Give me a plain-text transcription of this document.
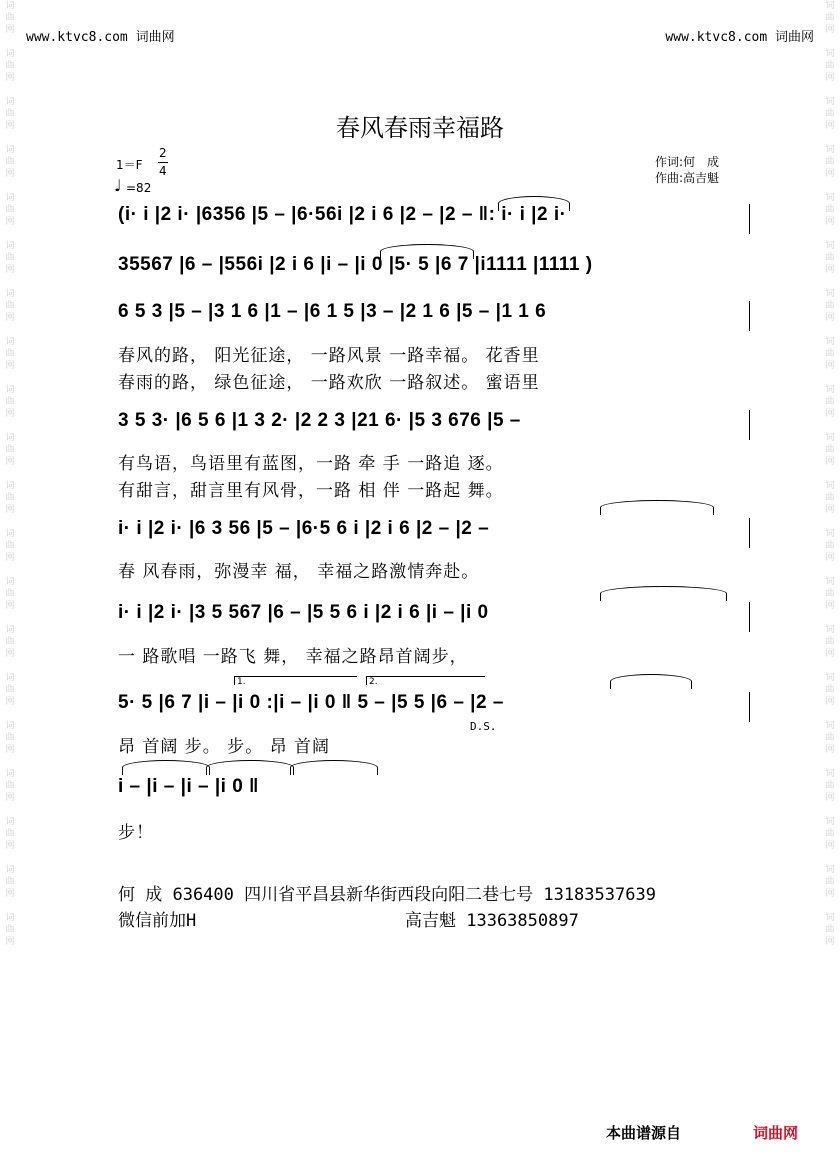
www.ktvc8.com 词曲网	www.ktvc8.com 词曲网
词曲网

词曲网

词曲网

词曲网

词曲网

词曲网

词曲网

词曲网

词曲网

词曲网

词曲网

词曲网

词曲网

词曲网

词曲网

词曲网

词曲网

词曲网

词曲网

词曲网
词曲网

词曲网

词曲网

词曲网

词曲网

词曲网

词曲网

词曲网

词曲网

词曲网

词曲网

词曲网

词曲网

词曲网

词曲网

词曲网

词曲网

词曲网

词曲网

词曲网
春风春雨幸福路
1＝F
2
4
♩ =82
作词:何　成
作曲:高吉魁
(i· i |2 i· |6356 |5 – |6·56i |2 i 6 |2 – |2 – ‖: i· i |2 i·
35567 |6 – |556i |2 i 6 |i – |i 0 |5· 5 |6 7 |i1111 |1111 )
6 5 3 |5 – |3 1 6 |1 – |6 1 5 |3 – |2 1 6 |5 – |1 1 6
春风的路， 阳光征途， 一路风景 一路幸福。 花香里
春雨的路， 绿色征途， 一路欢欣 一路叙述。 蜜语里
3 5 3· |6 5 6 |1 3 2· |2 2 3 |21 6· |5 3 676 |5 –
有鸟语，鸟语里有蓝图，一路 牵 手 一路追 逐。
有甜言，甜言里有风骨，一路 相 伴 一路起 舞。
i· i |2 i· |6 3 56 |5 – |6·5 6 i |2 i 6 |2 – |2 –
春 风春雨，弥漫幸 福， 幸福之路激情奔赴。
i· i |2 i· |3 5 567 |6 – |5 5 6 i |2 i 6 |i – |i 0
一 路歌唱 一路飞 舞， 幸福之路昂首阔步，
5· 5 |6 7 |i – |i 0 :|i – |i 0 ‖ 5 – |5 5 |6 – |2 –
昂 首阔 步。 步。 昂 首阔
i – |i – |i – |i 0 ‖
步！
1.	2.
D.S.
何 成 636400 四川省平昌县新华街西段向阳二巷七号 13183537639
微信前加H	高吉魁 13363850897
本曲谱源自	词曲网
